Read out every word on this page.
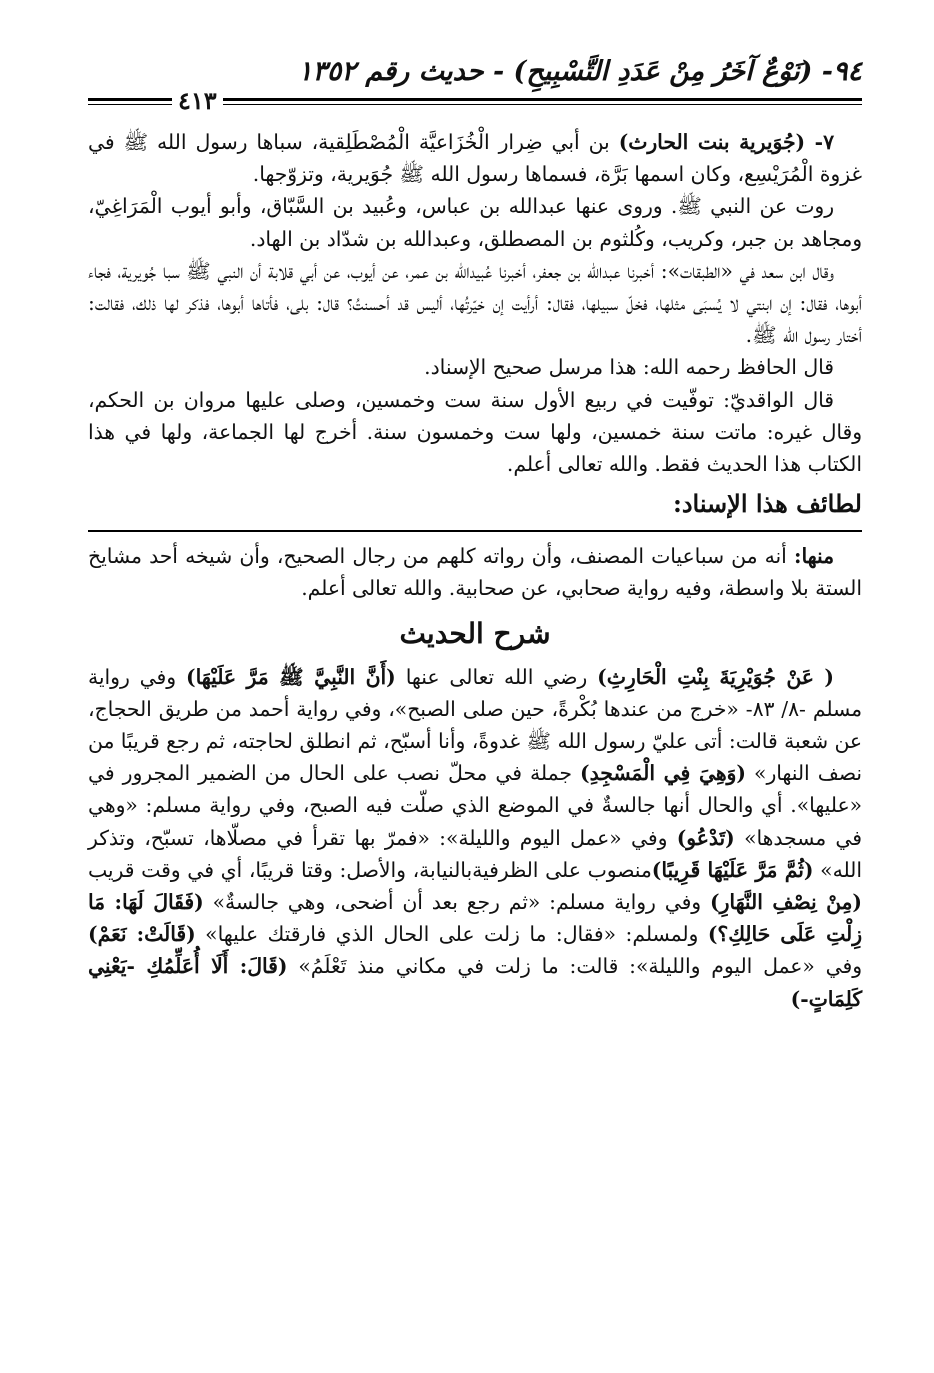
٩٤- (نَوْعٌ آخَرُ مِنْ عَدَدِ التَّسْبِيحِ) - حديث رقم ١٣٥٢
٤١٣

٧- (جُوَيرية بنت الحارث) بن أبي ضِرار الْخُزَاعيَّة الْمُصْطَلِقية، سباها رسول الله ﷺ في غزوة الْمُرَيْسِع، وكان اسمها بَرَّة، فسماها رسول الله ﷺ جُوَيرية، وتزوّجها.

روت عن النبي ﷺ. وروى عنها عبدالله بن عباس، وعُبيد بن السَّبّاق، وأبو أيوب الْمَرَاغِيّ، ومجاهد بن جبر، وكريب، وكُلثوم بن المصطلق، وعبدالله بن شدّاد بن الهاد.

وقال ابن سعد في «الطبقات»: أخبرنا عبدالله بن جعفر، أخبرنا عُبيدالله بن عمر، عن أيوب، عن أبي قلابة أن النبي ﷺ سبا جُويرية، فجاء أبوها، فقال: إن ابنتي لا يُسبَى مثلها، فخلّ سبيلها، فقال: أرأيت إن خيّرتُها، أليس قد أحسنتُ؟ قال: بلى، فأتاها أبوها، فذكر لها ذلك، فقالت: أختار رسول الله ﷺ.

قال الحافظ رحمه الله: هذا مرسل صحيح الإسناد.

قال الواقديّ: توفّيت في ربيع الأول سنة ست وخمسين، وصلى عليها مروان بن الحكم، وقال غيره: ماتت سنة خمسين، ولها ست وخمسون سنة. أخرج لها الجماعة، ولها في هذا الكتاب هذا الحديث فقط. والله تعالى أعلم.

لطائف هذا الإسناد:

منها: أنه من سباعيات المصنف، وأن رواته كلهم من رجال الصحيح، وأن شيخه أحد مشايخ الستة بلا واسطة، وفيه رواية صحابي، عن صحابية. والله تعالى أعلم.

شرح الحديث

( عَنْ جُوَيْرِيَةَ بِنْتِ الْحَارِثِ) رضي الله تعالى عنها (أَنَّ النَّبِيَّ ﷺ مَرَّ عَلَيْهَا) وفي رواية مسلم -٨/ ٨٣- «خرج من عندها بُكْرةً، حين صلى الصبح»، وفي رواية أحمد من طريق الحجاج، عن شعبة قالت: أتى عليّ رسول الله ﷺ غدوةً، وأنا أسبّح، ثم انطلق لحاجته، ثم رجع قريبًا من نصف النهار» (وَهِيَ فِي الْمَسْجِدِ) جملة في محلّ نصب على الحال من الضمير المجرور في «عليها». أي والحال أنها جالسةٌ في الموضع الذي صلّت فيه الصبح، وفي رواية مسلم: «وهي في مسجدها» (تَدْعُو) وفي «عمل اليوم والليلة»: «فمرّ بها تقرأ في مصلّاها، تسبّح، وتذكر الله» (ثُمَّ مَرَّ عَلَيْهَا قَرِيبًا)منصوب على الظرفيةبالنيابة، والأصل: وقتا قريبًا، أي في وقت قريب (مِنْ نِصْفِ النَّهَارِ) وفي رواية مسلم: «ثم رجع بعد أن أضحى، وهي جالسةٌ» (فَقَالَ لَهَا: مَا زِلْتِ عَلَى حَالِكِ؟) ولمسلم: «فقال: ما زلت على الحال الذي فارقتك عليها» (قَالَتْ: نَعَمْ) وفي «عمل اليوم والليلة»: قالت: ما زلت في مكاني منذ تَعْلَمُ» (قَالَ: أَلَا أُعَلِّمُكِ -يَعْنِي كَلِمَاتٍ-)
